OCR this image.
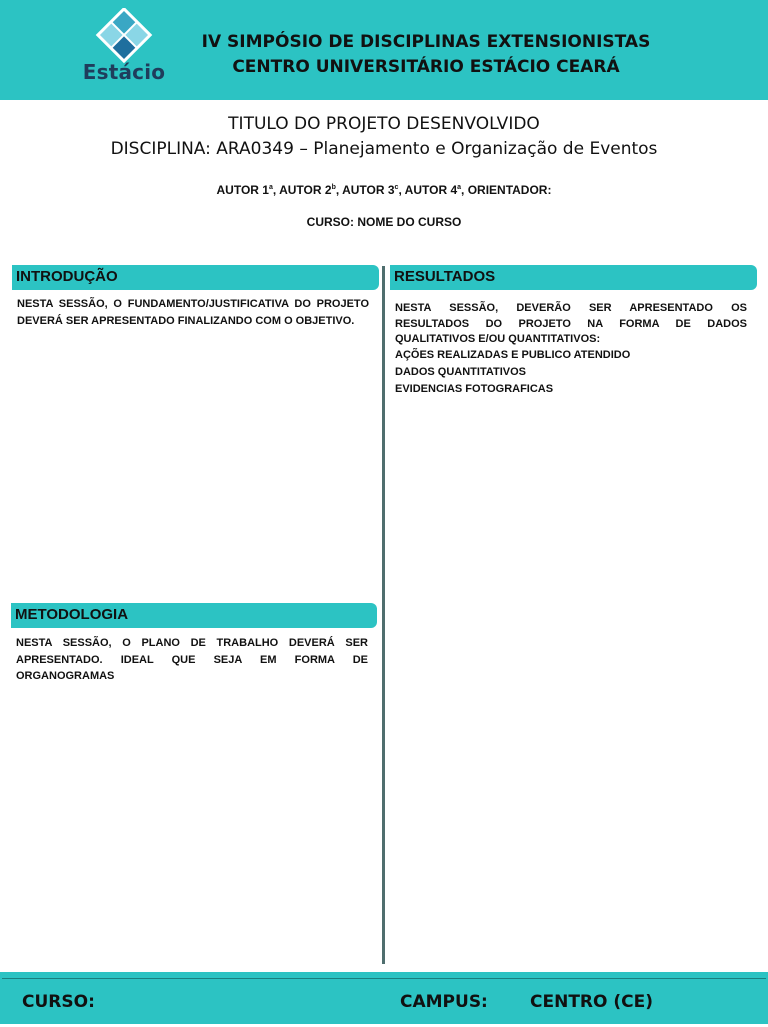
Estácio
IV SIMPÓSIO DE DISCIPLINAS EXTENSIONISTAS
CENTRO UNIVERSITÁRIO ESTÁCIO CEARÁ
TITULO DO PROJETO DESENVOLVIDO
DISCIPLINA: ARA0349 – Planejamento e Organização de Eventos
AUTOR 1$^a$, AUTOR 2$^b$, AUTOR 3$^c$, AUTOR 4$^a$, ORIENTADOR:
CURSO: NOME DO CURSO
INTRODUÇÃO

NESTA SESSÃO, O FUNDAMENTO/JUSTIFICATIVA DO PROJETO DEVERÁ SER APRESENTADO FINALIZANDO COM O OBJETIVO.

METODOLOGIA

NESTA SESSÃO, O PLANO DE TRABALHO DEVERÁ SER APRESENTADO. IDEAL QUE SEJA EM FORMA DE ORGANOGRAMAS

RESULTADOS

NESTA SESSÃO, DEVERÃO SER APRESENTADO OS RESULTADOS DO PROJETO NA FORMA DE DADOS QUALITATIVOS E/OU QUANTITATIVOS:

AÇÕES REALIZADAS E PUBLICO ATENDIDO
DADOS QUANTITATIVOS
EVIDENCIAS FOTOGRAFICAS
CURSO:	CAMPUS: CENTRO (CE)
